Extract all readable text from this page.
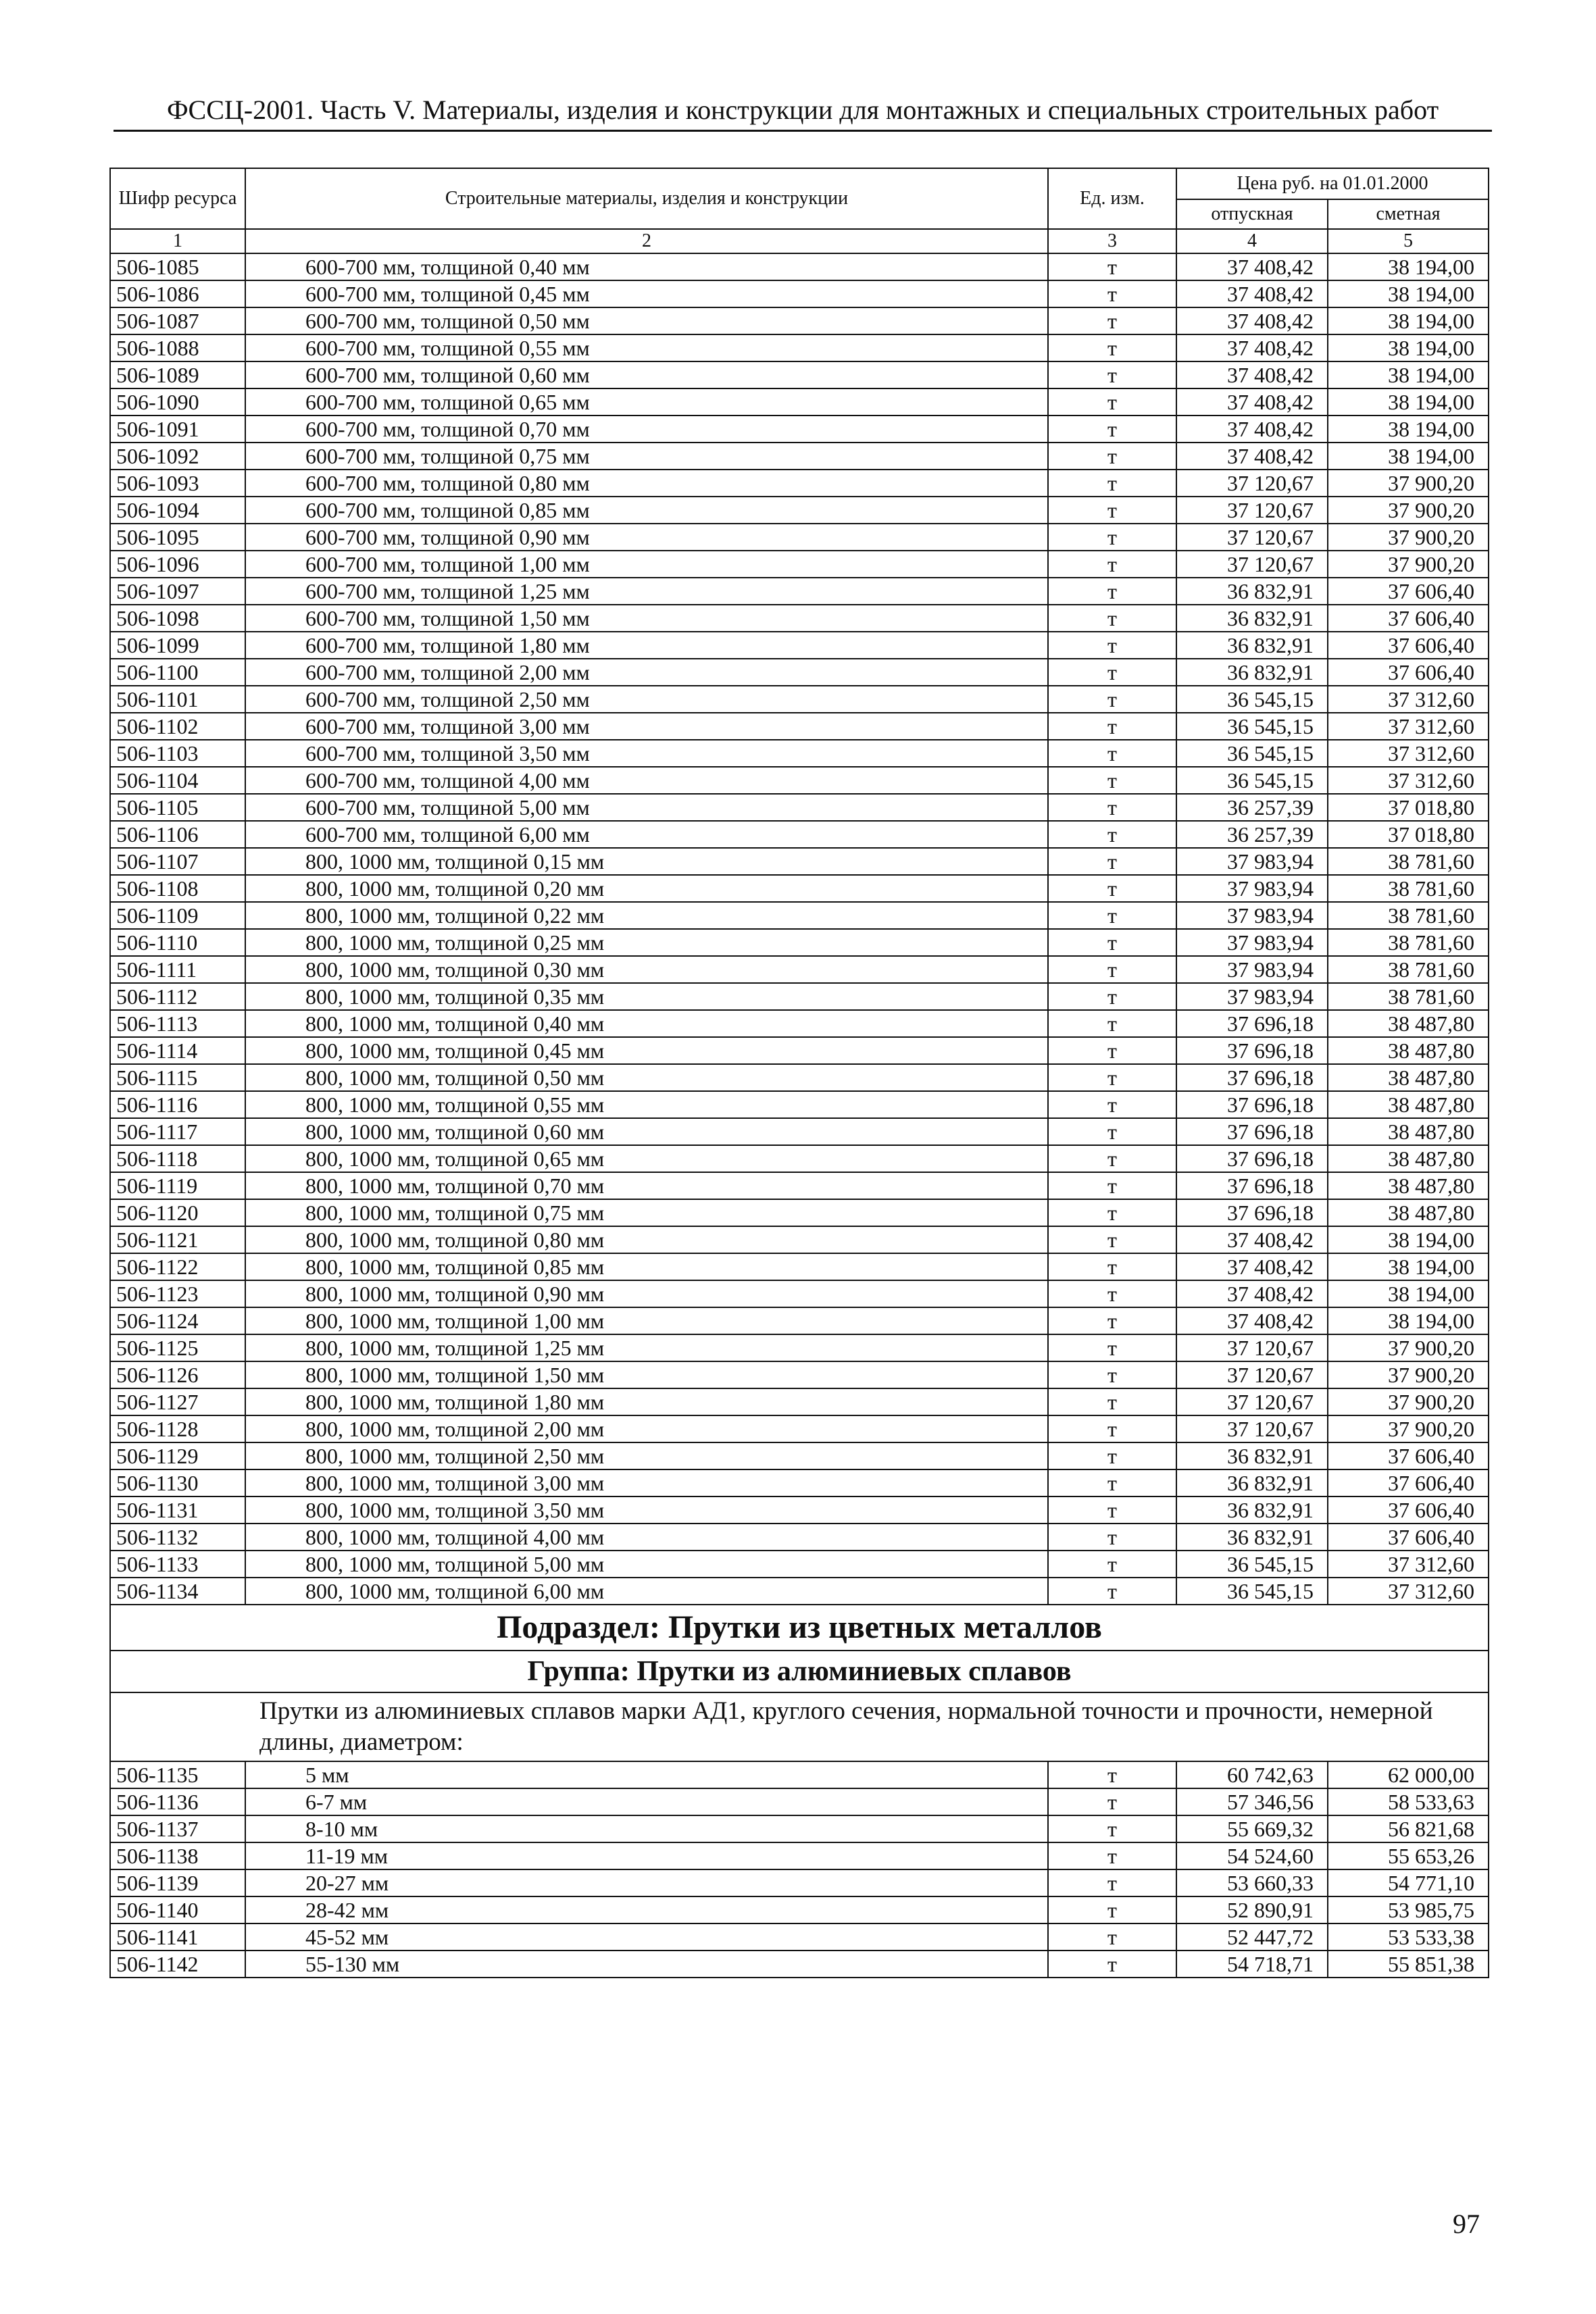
ФССЦ-2001. Часть V. Материалы, изделия и конструкции для монтажных и специальных строительных работ
Шифр ресурса	Строительные материалы, изделия и конструкции	Ед. изм.	Цена руб. на 01.01.2000	
			отпускная	сметная
1	2	3	4	5
506-1085	600-700 мм, толщиной 0,40 мм	т	37 408,42	38 194,00
506-1086	600-700 мм, толщиной 0,45 мм	т	37 408,42	38 194,00
506-1087	600-700 мм, толщиной 0,50 мм	т	37 408,42	38 194,00
506-1088	600-700 мм, толщиной 0,55 мм	т	37 408,42	38 194,00
506-1089	600-700 мм, толщиной 0,60 мм	т	37 408,42	38 194,00
506-1090	600-700 мм, толщиной 0,65 мм	т	37 408,42	38 194,00
506-1091	600-700 мм, толщиной 0,70 мм	т	37 408,42	38 194,00
506-1092	600-700 мм, толщиной 0,75 мм	т	37 408,42	38 194,00
506-1093	600-700 мм, толщиной 0,80 мм	т	37 120,67	37 900,20
506-1094	600-700 мм, толщиной 0,85 мм	т	37 120,67	37 900,20
506-1095	600-700 мм, толщиной 0,90 мм	т	37 120,67	37 900,20
506-1096	600-700 мм, толщиной 1,00 мм	т	37 120,67	37 900,20
506-1097	600-700 мм, толщиной 1,25 мм	т	36 832,91	37 606,40
506-1098	600-700 мм, толщиной 1,50 мм	т	36 832,91	37 606,40
506-1099	600-700 мм, толщиной 1,80 мм	т	36 832,91	37 606,40
506-1100	600-700 мм, толщиной 2,00 мм	т	36 832,91	37 606,40
506-1101	600-700 мм, толщиной 2,50 мм	т	36 545,15	37 312,60
506-1102	600-700 мм, толщиной 3,00 мм	т	36 545,15	37 312,60
506-1103	600-700 мм, толщиной 3,50 мм	т	36 545,15	37 312,60
506-1104	600-700 мм, толщиной 4,00 мм	т	36 545,15	37 312,60
506-1105	600-700 мм, толщиной 5,00 мм	т	36 257,39	37 018,80
506-1106	600-700 мм, толщиной 6,00 мм	т	36 257,39	37 018,80
506-1107	800, 1000 мм, толщиной 0,15 мм	т	37 983,94	38 781,60
506-1108	800, 1000 мм, толщиной 0,20 мм	т	37 983,94	38 781,60
506-1109	800, 1000 мм, толщиной 0,22 мм	т	37 983,94	38 781,60
506-1110	800, 1000 мм, толщиной 0,25 мм	т	37 983,94	38 781,60
506-1111	800, 1000 мм, толщиной 0,30 мм	т	37 983,94	38 781,60
506-1112	800, 1000 мм, толщиной 0,35 мм	т	37 983,94	38 781,60
506-1113	800, 1000 мм, толщиной 0,40 мм	т	37 696,18	38 487,80
506-1114	800, 1000 мм, толщиной 0,45 мм	т	37 696,18	38 487,80
506-1115	800, 1000 мм, толщиной 0,50 мм	т	37 696,18	38 487,80
506-1116	800, 1000 мм, толщиной 0,55 мм	т	37 696,18	38 487,80
506-1117	800, 1000 мм, толщиной 0,60 мм	т	37 696,18	38 487,80
506-1118	800, 1000 мм, толщиной 0,65 мм	т	37 696,18	38 487,80
506-1119	800, 1000 мм, толщиной 0,70 мм	т	37 696,18	38 487,80
506-1120	800, 1000 мм, толщиной 0,75 мм	т	37 696,18	38 487,80
506-1121	800, 1000 мм, толщиной 0,80 мм	т	37 408,42	38 194,00
506-1122	800, 1000 мм, толщиной 0,85 мм	т	37 408,42	38 194,00
506-1123	800, 1000 мм, толщиной 0,90 мм	т	37 408,42	38 194,00
506-1124	800, 1000 мм, толщиной 1,00 мм	т	37 408,42	38 194,00
506-1125	800, 1000 мм, толщиной 1,25 мм	т	37 120,67	37 900,20
506-1126	800, 1000 мм, толщиной 1,50 мм	т	37 120,67	37 900,20
506-1127	800, 1000 мм, толщиной 1,80 мм	т	37 120,67	37 900,20
506-1128	800, 1000 мм, толщиной 2,00 мм	т	37 120,67	37 900,20
506-1129	800, 1000 мм, толщиной 2,50 мм	т	36 832,91	37 606,40
506-1130	800, 1000 мм, толщиной 3,00 мм	т	36 832,91	37 606,40
506-1131	800, 1000 мм, толщиной 3,50 мм	т	36 832,91	37 606,40
506-1132	800, 1000 мм, толщиной 4,00 мм	т	36 832,91	37 606,40
506-1133	800, 1000 мм, толщиной 5,00 мм	т	36 545,15	37 312,60
506-1134	800, 1000 мм, толщиной 6,00 мм	т	36 545,15	37 312,60
Подраздел: Прутки из цветных металлов				
Группа: Прутки из алюминиевых сплавов				
Прутки из алюминиевых сплавов марки АД1, круглого сечения, нормальной точности и прочности, немерной длины, диаметром:				
506-1135	5 мм	т	60 742,63	62 000,00
506-1136	6-7 мм	т	57 346,56	58 533,63
506-1137	8-10 мм	т	55 669,32	56 821,68
506-1138	11-19 мм	т	54 524,60	55 653,26
506-1139	20-27 мм	т	53 660,33	54 771,10
506-1140	28-42 мм	т	52 890,91	53 985,75
506-1141	45-52 мм	т	52 447,72	53 533,38
506-1142	55-130 мм	т	54 718,71	55 851,38
97
